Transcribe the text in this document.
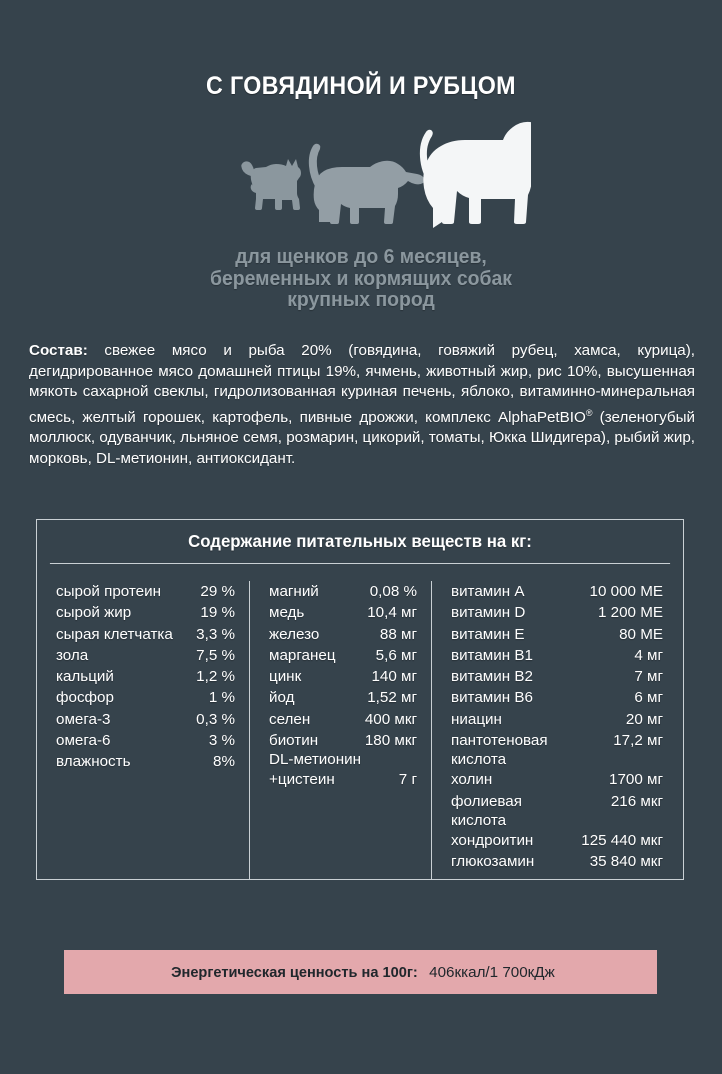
С ГОВЯДИНОЙ И РУБЦОМ
для щенков до 6 месяцев,
беременных и кормящих собак
крупных пород
Состав: свежее мясо и рыба 20% (говядина, говяжий рубец, хамса, курица), дегидрированное мясо домашней птицы 19%, ячмень, животный жир, рис 10%, высушенная мякоть сахарной свеклы, гидролизованная куриная печень, яблоко, витаминно-минеральная смесь, желтый горошек, картофель, пивные дрожжи, комплекс AlphaPetBIO® (зеленогубый моллюск, одуванчик, льняное семя, розмарин, цикорий, томаты, Юкка Шидигера), рыбий жир, морковь, DL-метионин, антиоксидант.
Содержание питательных веществ на кг:
сырой протеин	29 %
сырой жир	19 %
сырая клетчатка	3,3 %
зола	7,5 %
кальций	1,2 %
фосфор	1 %
омега-3	0,3 %
омега-6	3 %
влажность	8%
магний	0,08 %
медь	10,4 мг
железо	88 мг
марганец	5,6 мг
цинк	140 мг
йод	1,52 мг
селен	400 мкг
биотин	180 мкг
DL-метионин
+цистеин	7 г
витамин A	10 000 МЕ
витамин D	1 200 МЕ
витамин E	80 МЕ
витамин B1	4 мг
витамин B2	7 мг
витамин B6	6 мг
ниацин	20 мг
пантотеновая	17,2 мг
кислота
холин	1700 мг
фолиевая	216 мкг
кислота
хондроитин	125 440 мкг
глюкозамин	35 840 мкг
Энергетическая ценность на 100г: 406ккал/1 700кДж
